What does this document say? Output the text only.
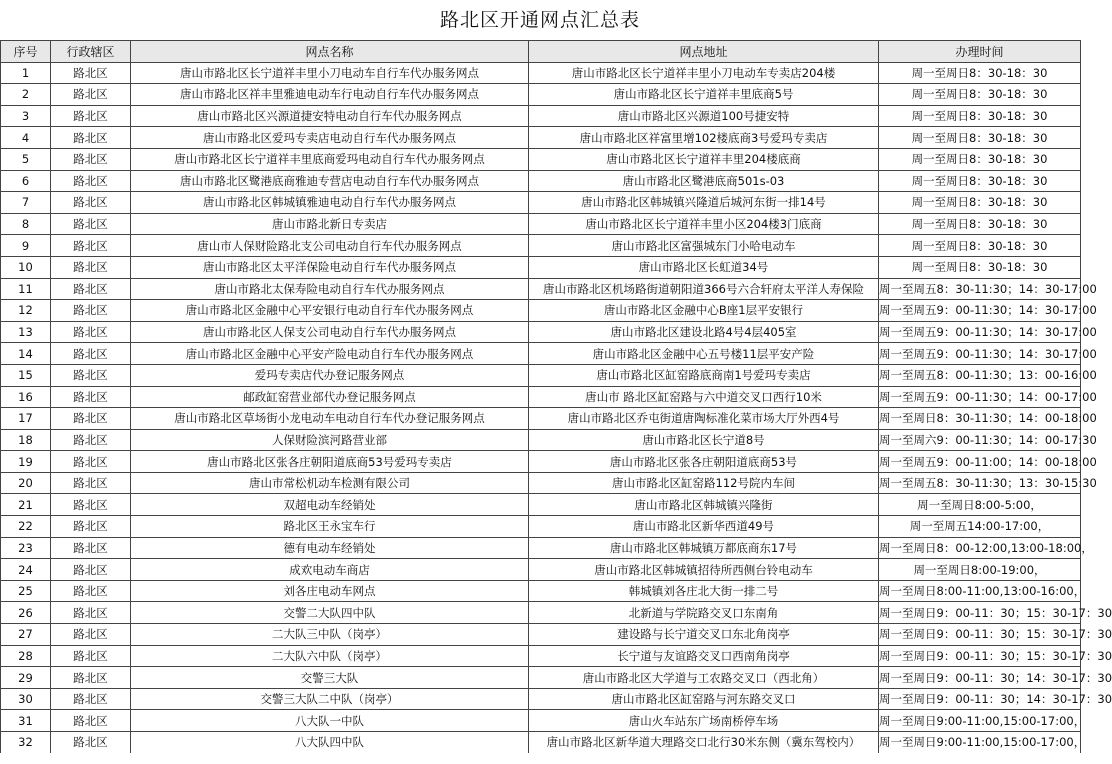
路北区开通网点汇总表
序号	行政辖区	网点名称	网点地址	办理时间
1	路北区	唐山市路北区长宁道祥丰里小刀电动车自行车代办服务网点	唐山市路北区长宁道祥丰里小刀电动车专卖店204楼	周一至周日8：30-18：30
2	路北区	唐山市路北区祥丰里雅迪电动车行电动自行车代办服务网点	唐山市路北区长宁道祥丰里底商5号	周一至周日8：30-18：30
3	路北区	唐山市路北区兴源道捷安特电动自行车代办服务网点	唐山市路北区兴源道100号捷安特	周一至周日8：30-18：30
4	路北区	唐山市路北区爱玛专卖店电动自行车代办服务网点	唐山市路北区祥富里增102楼底商3号爱玛专卖店	周一至周日8：30-18：30
5	路北区	唐山市路北区长宁道祥丰里底商爱玛电动自行车代办服务网点	唐山市路北区长宁道祥丰里204楼底商	周一至周日8：30-18：30
6	路北区	唐山市路北区鹭港底商雅迪专营店电动自行车代办服务网点	唐山市路北区鹭港底商501s-03	周一至周日8：30-18：30
7	路北区	唐山市路北区韩城镇雅迪电动自行车代办服务网点	唐山市路北区韩城镇兴隆道后城河东街一排14号	周一至周日8：30-18：30
8	路北区	唐山市路北新日专卖店	唐山市路北区长宁道祥丰里小区204楼3门底商	周一至周日8：30-18：30
9	路北区	唐山市人保财险路北支公司电动自行车代办服务网点	唐山市路北区富强城东门小哈电动车	周一至周日8：30-18：30
10	路北区	唐山市路北区太平洋保险电动自行车代办服务网点	唐山市路北区长虹道34号	周一至周日8：30-18：30
11	路北区	唐山市路北太保寿险电动自行车代办服务网点	唐山市路北区机场路街道朝阳道366号六合轩府太平洋人寿保险	周一至周五8：30-11:30；14：30-17:00
12	路北区	唐山市路北区金融中心平安银行电动自行车代办服务网点	唐山市路北区金融中心B座1层平安银行	周一至周五9：00-11:30；14：30-17:00
13	路北区	唐山市路北区人保支公司电动自行车代办服务网点	唐山市路北区建设北路4号4层405室	周一至周五9：00-11:30；14：30-17:00
14	路北区	唐山市路北区金融中心平安产险电动自行车代办服务网点	唐山市路北区金融中心五号楼11层平安产险	周一至周五9：00-11:30；14：30-17:00
15	路北区	爱玛专卖店代办登记服务网点	唐山市路北区缸窑路底商南1号爱玛专卖店	周一至周五8：00-11:30；13：00-16:00
16	路北区	邮政缸窑营业部代办登记服务网点	唐山市 路北区缸窑路与六中道交叉口西行10米	周一至周五9：00-11:30；14：00-17:00
17	路北区	唐山市路北区草场街小龙电动车电动自行车代办登记服务网点	唐山市路北区乔屯街道唐陶标准化菜市场大厅外西4号	周一至周日8：30-11:30；14：00-18:00
18	路北区	人保财险滨河路营业部	唐山市路北区长宁道8号	周一至周六9：00-11:30；14：00-17:30
19	路北区	唐山市路北区张各庄朝阳道底商53号爱玛专卖店	唐山市路北区张各庄朝阳道底商53号	周一至周五9：00-11:00；14：00-18:00
20	路北区	唐山市常松机动车检测有限公司	唐山市路北区缸窑路112号院内车间	周一至周五8：30-11:30；13：30-15:30
21	路北区	双超电动车经销处	唐山市路北区韩城镇兴隆街	周一至周日8:00-5:00，
22	路北区	路北区王永宝车行	唐山市路北区新华西道49号	周一至周五14:00-17:00，
23	路北区	德有电动车经销处	唐山市路北区韩城镇万都底商东17号	周一至周日8：00-12:00,13:00-18:00，
24	路北区	成欢电动车商店	唐山市路北区韩城镇招待所西侧台铃电动车	周一至周日8:00-19:00，
25	路北区	刘各庄电动车网点	韩城镇刘各庄北大街一排二号	周一至周日8:00-11:00,13:00-16:00，
26	路北区	交警二大队四中队	北新道与学院路交叉口东南角	周一至周日9：00-11：30；15：30-17：30
27	路北区	二大队三中队（岗亭）	建设路与长宁道交叉口东北角岗亭	周一至周日9：00-11：30；15：30-17：30
28	路北区	二大队六中队（岗亭）	长宁道与友谊路交叉口西南角岗亭	周一至周日9：00-11：30；15：30-17：30
29	路北区	交警三大队	唐山市路北区大学道与工农路交叉口（西北角）	周一至周日9：00-11：30；14：30-17：30
30	路北区	交警三大队二中队（岗亭）	唐山市路北区缸窑路与河东路交叉口	周一至周日9：00-11：30；14：30-17：30
31	路北区	八大队一中队	唐山火车站东广场南桥停车场	周一至周日9:00-11:00,15:00-17:00，
32	路北区	八大队四中队	唐山市路北区新华道大理路交口北行30米东侧（冀东驾校内）	周一至周日9:00-11:00,15:00-17:00，
